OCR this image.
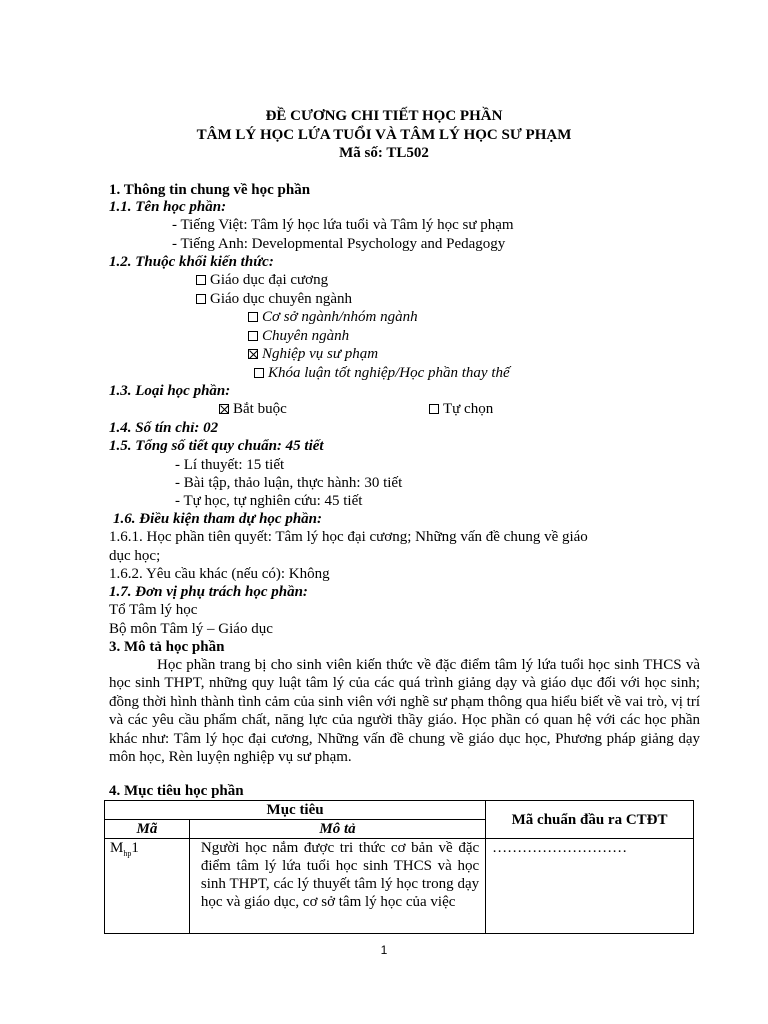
ĐỀ CƯƠNG CHI TIẾT HỌC PHẦN
TÂM LÝ HỌC LỨA TUỔI VÀ TÂM LÝ HỌC SƯ PHẠM
Mã số: TL502
1. Thông tin chung về học phần
1.1. Tên học phần:
- Tiếng Việt: Tâm lý học lứa tuổi và Tâm lý học sư phạm
- Tiếng Anh: Developmental Psychology and Pedagogy
1.2. Thuộc khối kiến thức:
Giáo dục đại cương
Giáo dục chuyên ngành
Cơ sở ngành/nhóm ngành
Chuyên ngành
Nghiệp vụ sư phạm
Khóa luận tốt nghiệp/Học phần thay thế
1.3. Loại học phần:
Bắt buộc	Tự chọn
1.4. Số tín chỉ: 02
1.5. Tổng số tiết quy chuẩn: 45 tiết
- Lí thuyết: 15 tiết
- Bài tập, thảo luận, thực hành: 30 tiết
- Tự học, tự nghiên cứu: 45 tiết
1.6. Điều kiện tham dự học phần:
1.6.1. Học phần tiên quyết: Tâm lý học đại cương; Những vấn đề chung về giáo
dục học;
1.6.2. Yêu cầu khác (nếu có): Không
1.7. Đơn vị phụ trách học phần:
Tổ Tâm lý học
Bộ môn Tâm lý – Giáo dục
3. Mô tả học phần

Học phần trang bị cho sinh viên kiến thức về đặc điểm tâm lý lứa tuổi học sinh THCS và học sinh THPT, những quy luật tâm lý của các quá trình giảng dạy và giáo dục đối với học sinh; đồng thời hình thành tình cảm của sinh viên với nghề sư phạm thông qua hiểu biết về vai trò, vị trí và các yêu cầu phẩm chất, năng lực của người thầy giáo. Học phần có quan hệ với các học phần khác như: Tâm lý học đại cương, Những vấn đề chung về giáo dục học, Phương pháp giảng dạy môn học, Rèn luyện nghiệp vụ sư phạm.

4. Mục tiêu học phần
Mục tiêu		Mã chuẩn đầu ra CTĐT
Mã	Mô tả	
$M_{hp}1$	Người học nắm được tri thức cơ bản về đặc điểm tâm lý lứa tuổi học sinh THCS và học sinh THPT, các lý thuyết tâm lý học trong dạy học và giáo dục, cơ sở tâm lý học của việc	………………………
1
